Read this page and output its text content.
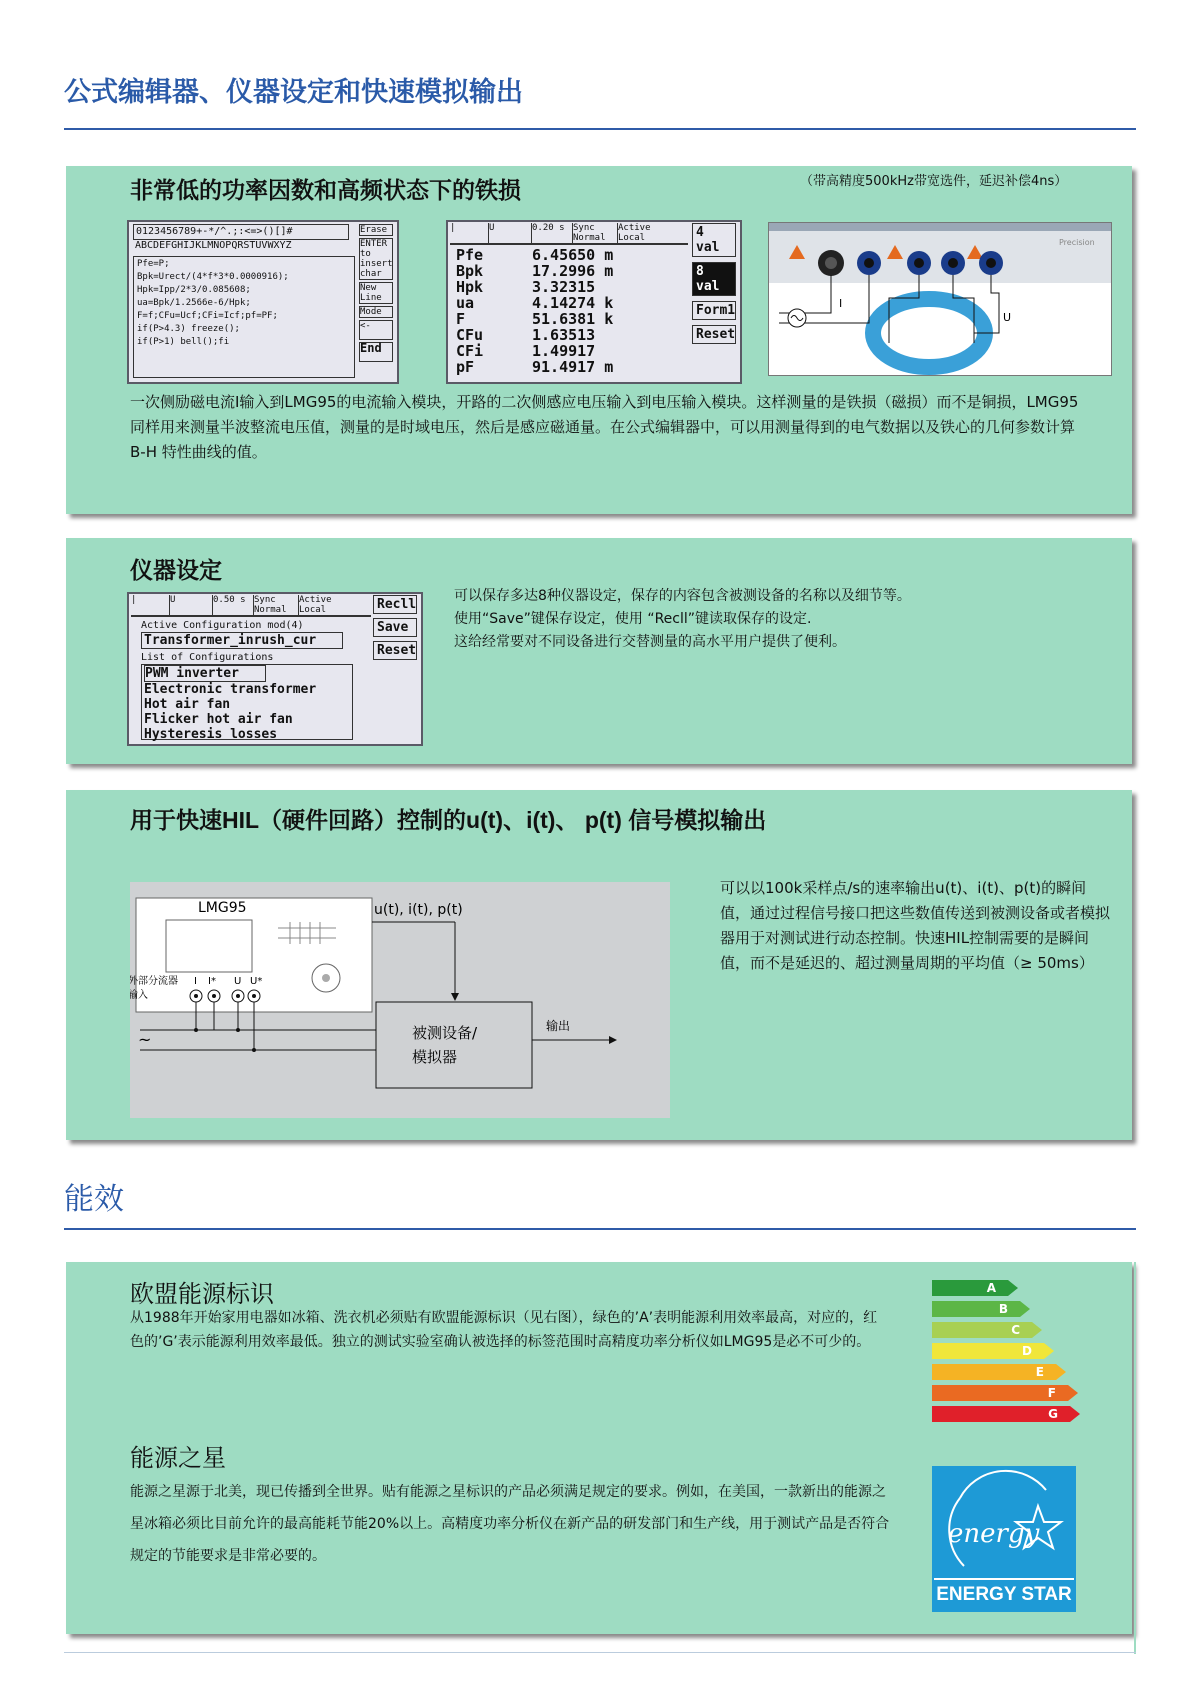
公式编辑器、仪器设定和快速模拟输出
非常低的功率因数和高频状态下的铁损	（带高精度500kHz带宽选件，延迟补偿4ns）
0123456789+-*/^.;:<=>()[]#
ABCDEFGHIJKLMNOPQRSTUVWXYZ
Pfe=P;
Bpk=Urect/(4*f*3*0.0000916);
Hpk=Ipp/2*3/0.085608;
ua=Bpk/1.2566e-6/Hpk;
F=f;CFu=Ucf;CFi=Icf;pf=PF;
if(P>4.3) freeze();
if(P>1) bell();fi
Erase
ENTER to insert char
New Line
Mode
<-
End
|	U	0.20 s Sync Normal
Active Local
Pfe	6.45650 m
Bpk	17.2996 m
Hpk	3.32315
ua	4.14274 k
F	51.6381 k
CFu	1.63513
CFi	1.49917
pF	91.4917 m
4 val
8 val
Form1
Reset
Precision
I
U
一次侧励磁电流I输入到LMG95的电流输入模块，开路的二次侧感应电压输入到电压输入模块。这样测量的是铁损（磁损）而不是铜损，LMG95同样用来测量半波整流电压值，测量的是时域电压，然后是感应磁通量。在公式编辑器中，可以用测量得到的电气数据以及铁心的几何参数计算B-H 特性曲线的值。
仪器设定
|	U	0.50 s Sync Normal
Active Local
Active Configuration mod(4)
Transformer_inrush_cur
List of Configurations
PWM inverter
Electronic transformer
Hot air fan
Flicker hot air fan
Hysteresis losses
Recll
Save
Reset
可以保存多达8种仪器设定，保存的内容包含被测设备的名称以及细节等。
使用“Save”键保存设定，使用 “Recll”键读取保存的设定.
这给经常要对不同设备进行交替测量的高水平用户提供了便利。
用于快速HIL（硬件回路）控制的u(t)、i(t)、 p(t) 信号模拟输出
LMG95
外部分流器
输入
I I* U U*
~	被测设备/
模拟器
u(t), i(t), p(t)
输出
可以以100k采样点/s的速率输出u(t)、i(t)、p(t)的瞬间值，通过过程信号接口把这些数值传送到被测设备或者模拟器用于对测试进行动态控制。快速HIL控制需要的是瞬间值，而不是延迟的、超过测量周期的平均值（≥ 50ms）
能效
欧盟能源标识
从1988年开始家用电器如冰箱、洗衣机必须贴有欧盟能源标识（见右图），绿色的’A’表明能源利用效率最高，对应的，红色的’G’表示能源利用效率最低。独立的测试实验室确认被选择的标签范围时高精度功率分析仪如LMG95是必不可少的。
能源之星
能源之星源于北美，现已传播到全世界。贴有能源之星标识的产品必须满足规定的要求。例如，在美国，一款新出的能源之星冰箱必须比目前允许的最高能耗节能20%以上。高精度功率分析仪在新产品的研发部门和生产线，用于测试产品是否符合规定的节能要求是非常必要的。
A
B
C
D
E
F
G
energy
ENERGY STAR
